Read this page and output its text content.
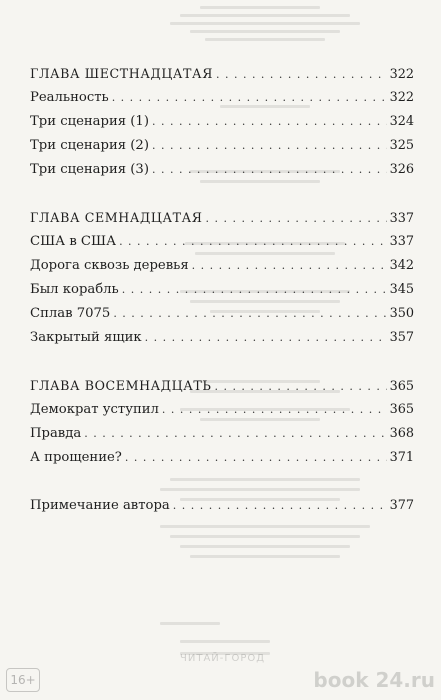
ГЛАВА ШЕСТНАДЦАТАЯ . . .	322
Реальность . . .	322
Три сценария (1) . . .	324
Три сценария (2) . . .	325
Три сценария (3) . . .	326
ГЛАВА СЕМНАДЦАТАЯ . . .	337
США в США . . .	337
Дорога сквозь деревья . . .	342
Был корабль . . .	345
Сплав 7075 . . .	350
Закрытый ящик . . .	357
ГЛАВА ВОСЕМНАДЦАТЬ . . .	365
Демократ уступил . . .	365
Правда . . .	368
А прощение? . . .	371
Примечание автора . . .	377
ЧИТАЙ-ГОРОД
16+	book 24.ru
